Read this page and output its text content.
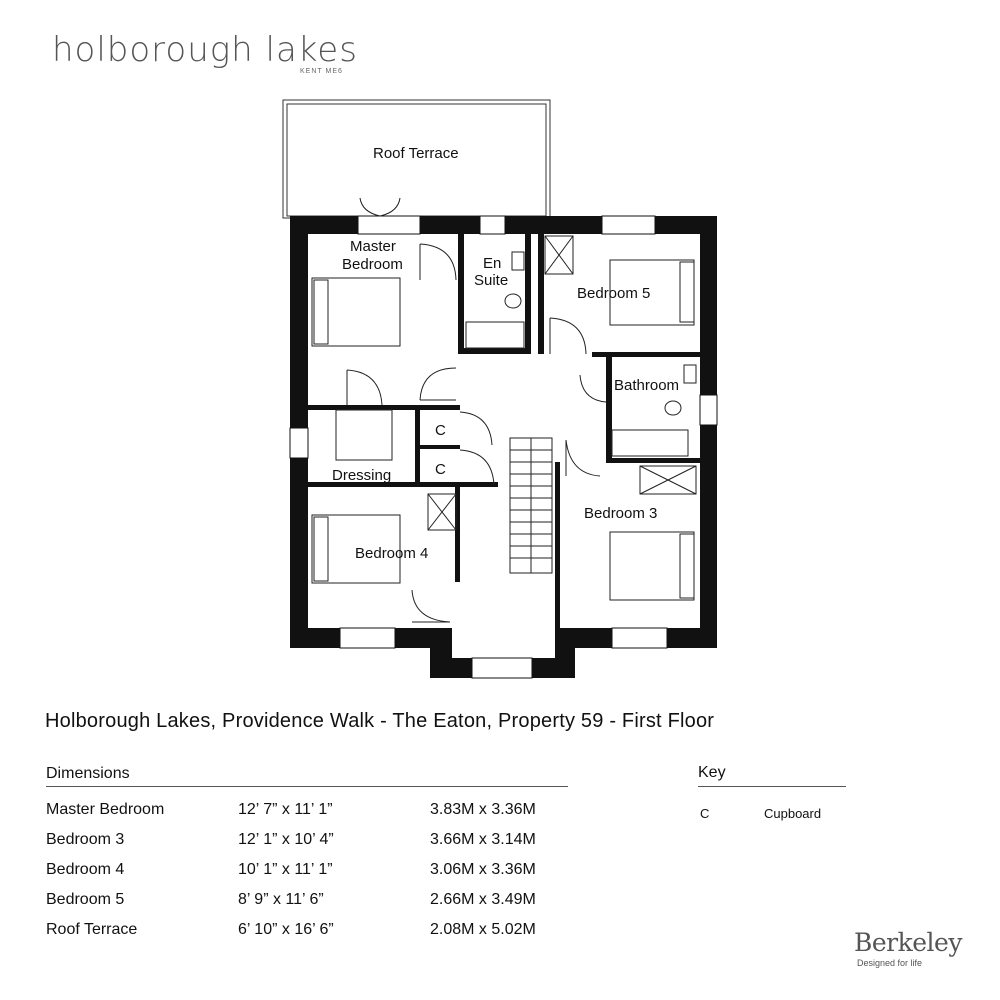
holborough lakes
KENT ME6
Roof Terrace
Master
Bedroom	En
Suite
Bedroom 5
Bathroom
Bedroom 3
Bedroom 4
Dressing
C
C
Holborough Lakes, Providence Walk - The Eaton, Property 59 - First Floor
Dimensions
Master Bedroom	12’ 7” x 11’ 1”	3.83M x 3.36M
Bedroom 3	12’ 1” x 10’ 4”	3.66M x 3.14M
Bedroom 4	10’ 1” x 11’ 1”	3.06M x 3.36M
Bedroom 5	8’ 9” x 11’ 6”	2.66M x 3.49M
Roof Terrace	6’ 10” x 16’ 6”	2.08M x 5.02M
Key
C	Cupboard
Berkeley
Designed for life
